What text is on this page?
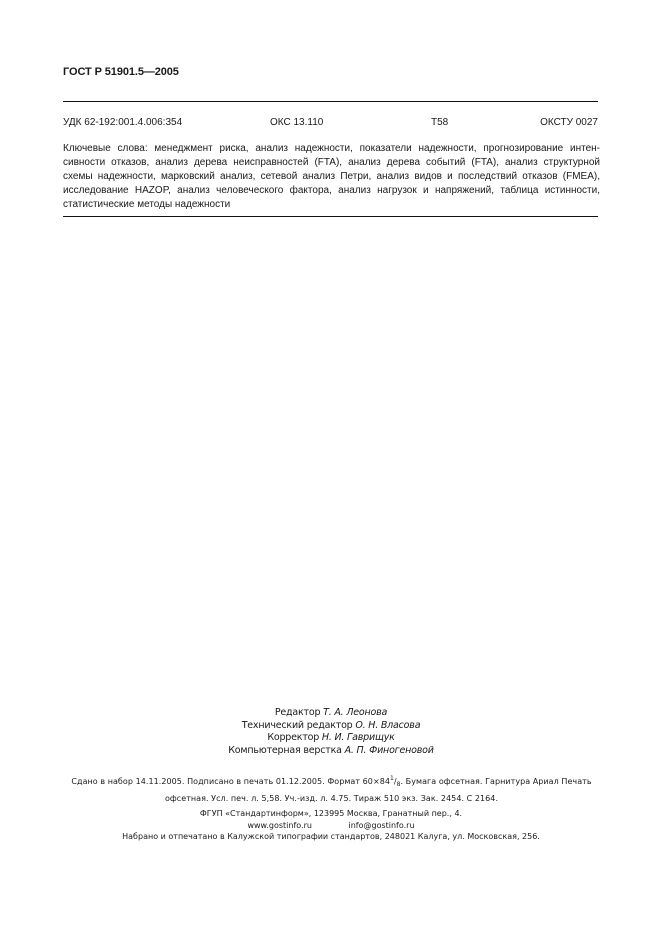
ГОСТ Р 51901.5—2005
УДК 62-192:001.4.006:354	ОКС 13.110	Т58	ОКСТУ 0027
Ключевые слова: менеджмент риска, анализ надежности, показатели надежности, прогнозирование интен-
сивности отказов, анализ дерева неисправностей (FTA), анализ дерева событий (FTA), анализ структурной
схемы надежности, марковский анализ, сетевой анализ Петри, анализ видов и последствий отказов (FMEA),
исследование HAZOP, анализ человеческого фактора, анализ нагрузок и напряжений, таблица истинности,
статистические методы надежности
Редактор Т. А. Леонова
Технический редактор О. Н. Власова
Корректор Н. И. Гаврищук
Компьютерная верстка А. П. Финогеновой
Сдано в набор 14.11.2005. Подписано в печать 01.12.2005. Формат $60\times 84^1/_8$. Бумага офсетная. Гарнитура Ариал Печать
офсетная. Усл. печ. л. 5,58. Уч.-изд. л. 4.75. Тираж 510 экз. Зак. 2454. С 2164.
ФГУП «Стандартинформ», 123995 Москва, Гранатный пер., 4.
www.gostinfo.ru	info@gostinfo.ru
Набрано и отпечатано в Калужской типографии стандартов, 248021 Калуга, ул. Московская, 256.
